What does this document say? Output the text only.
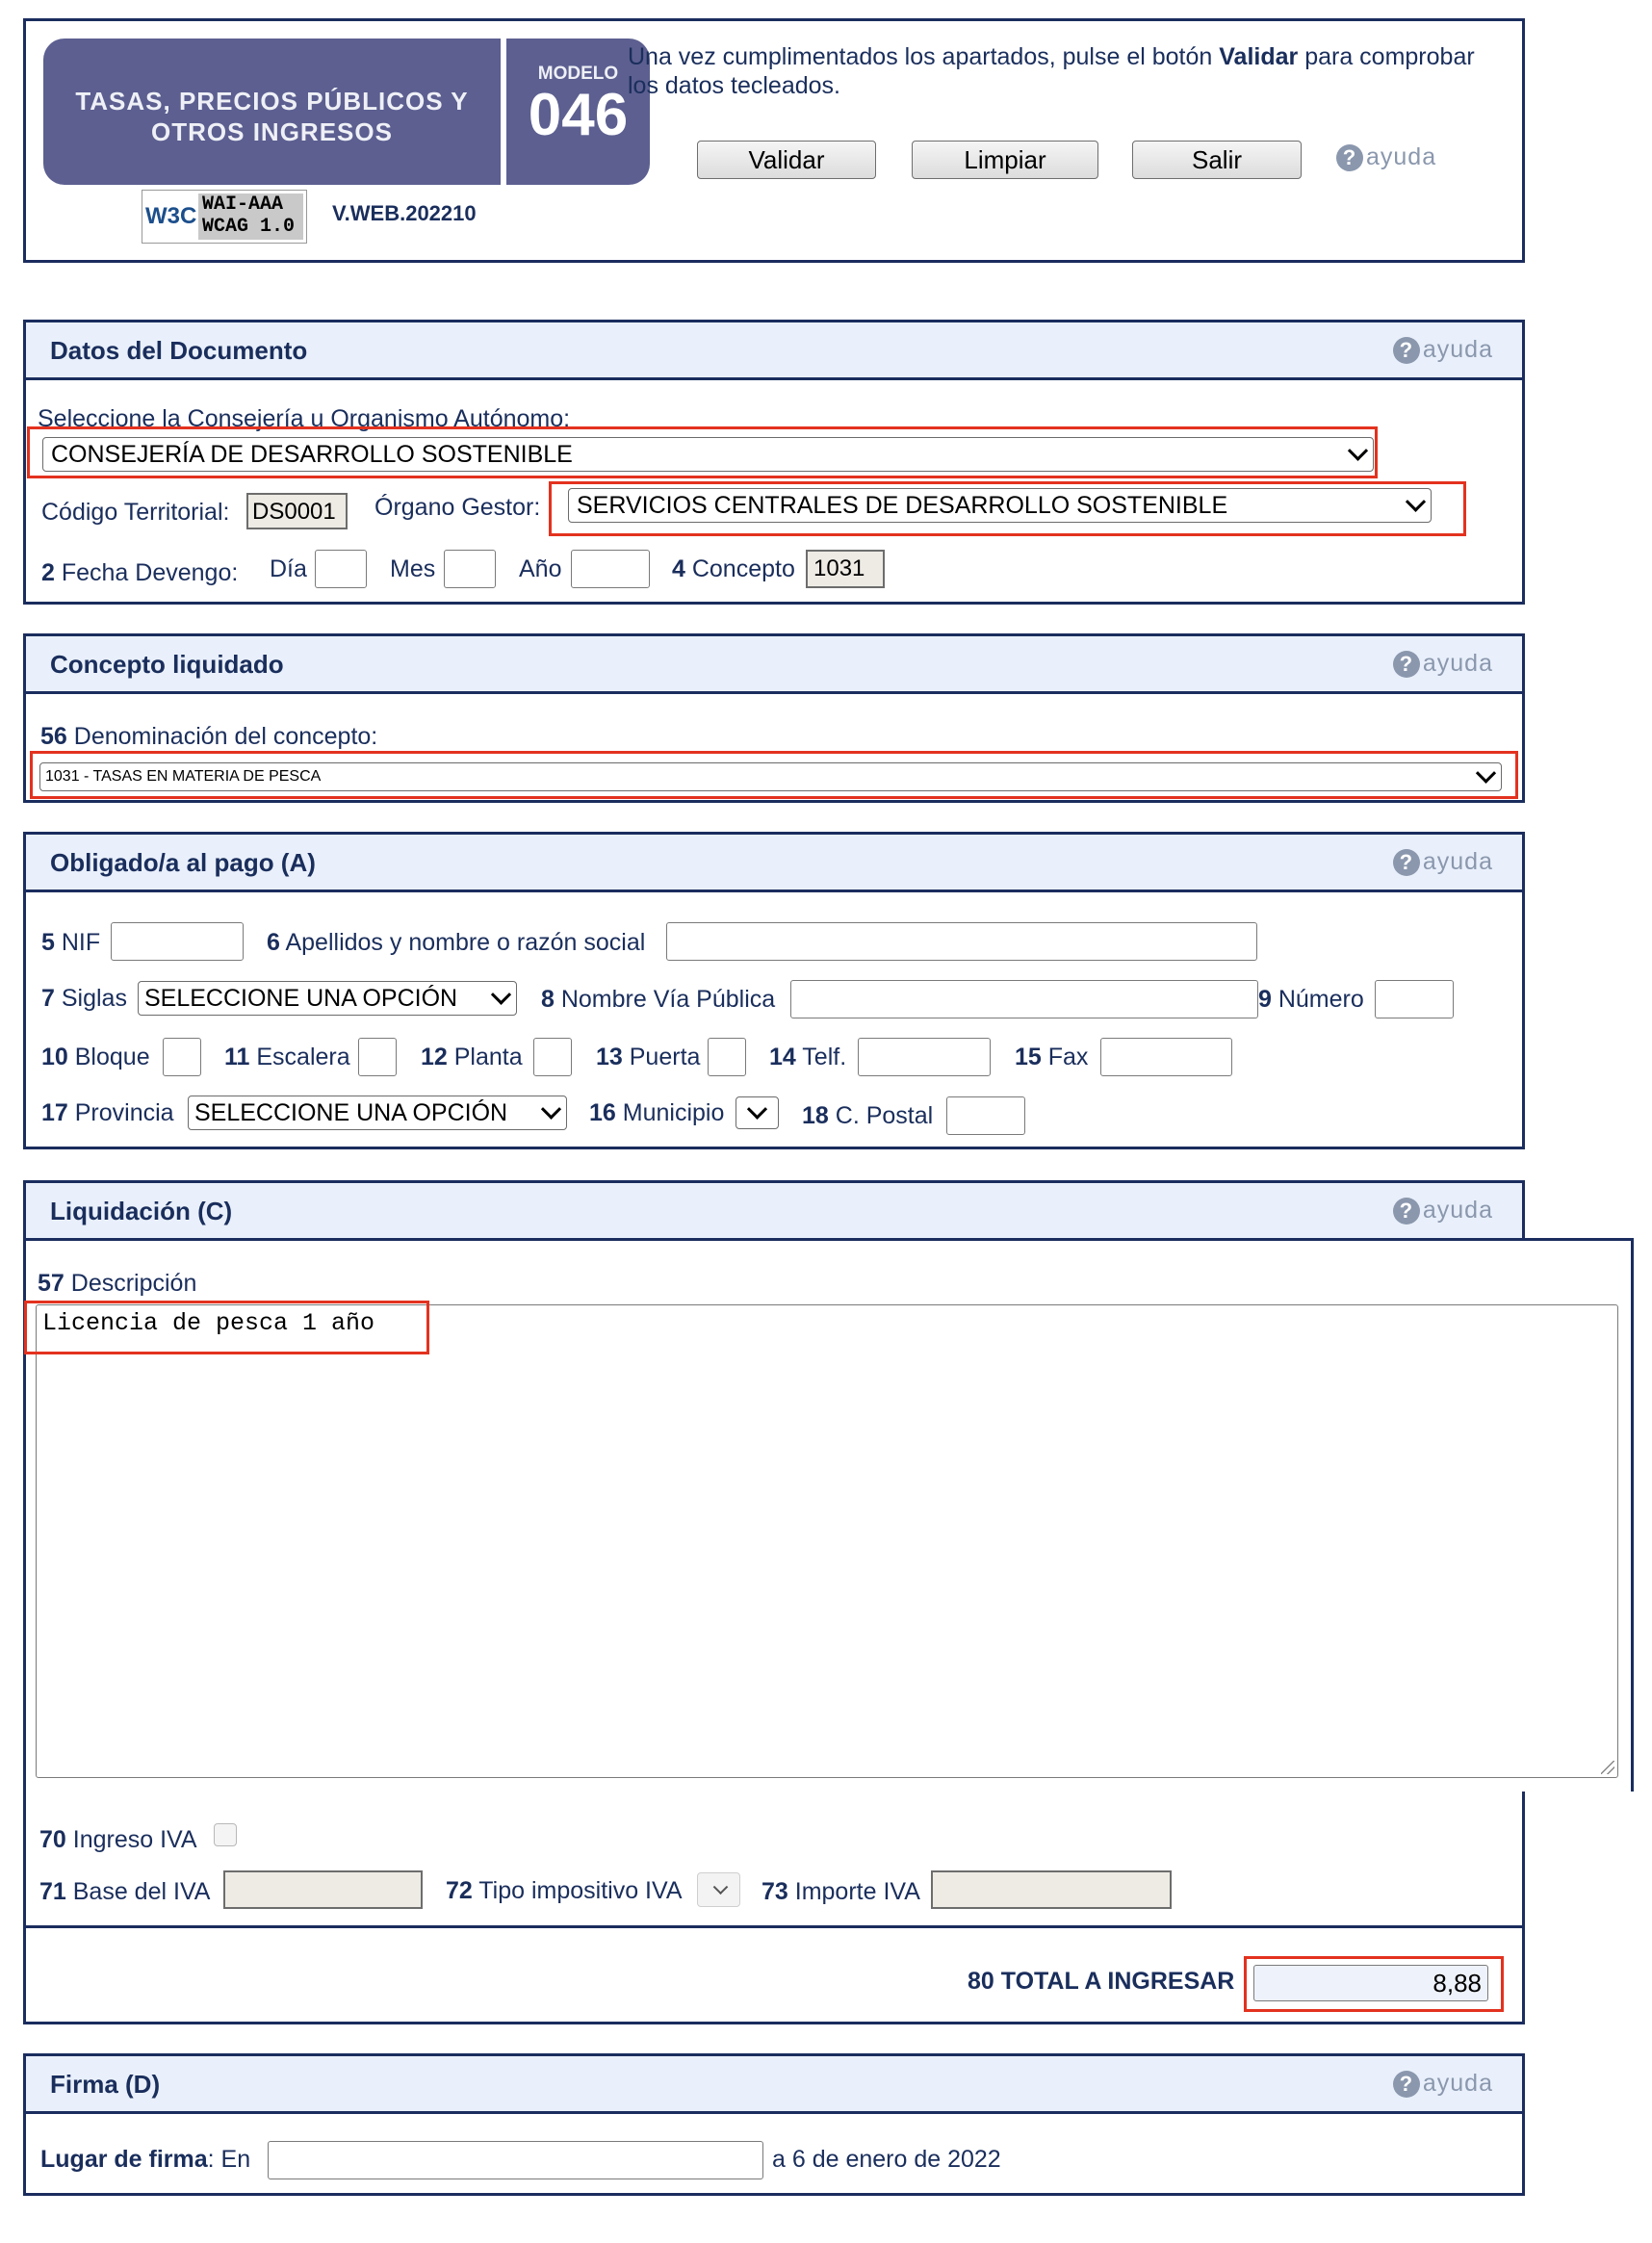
TASAS, PRECIOS PÚBLICOS Y
OTROS INGRESOS
MODELO
046
Una vez cumplimentados los apartados, pulse el botón Validar para comprobar
los datos tecleados.
Validar	Limpiar	Salir	? ayuda
W3C WAI-AAA
WCAG 1.0
V.WEB.202210
Datos del Documento	? ayuda
Seleccione la Consejería u Organismo Autónomo:
CONSEJERÍA DE DESARROLLO SOSTENIBLE
Código Territorial: DS0001	Órgano Gestor: SERVICIOS CENTRALES DE DESARROLLO SOSTENIBLE
2 Fecha Devengo: Día	Mes	Año	4 Concepto 1031
Concepto liquidado	? ayuda
56 Denominación del concepto:
1031 - TASAS EN MATERIA DE PESCA
Obligado/a al pago (A)	? ayuda
5 NIF	6 Apellidos y nombre o razón social
7 Siglas SELECCIONE UNA OPCIÓN	8 Nombre Vía Pública	9 Número
10 Bloque	11 Escalera	12 Planta	13 Puerta	14 Telf.	15 Fax
17 Provincia SELECCIONE UNA OPCIÓN	16 Municipio	18 C. Postal
Liquidación (C)	? ayuda
57 Descripción
Licencia de pesca 1 año
70 Ingreso IVA
71 Base del IVA	72 Tipo impositivo IVA	73 Importe IVA
80 TOTAL A INGRESAR	8,88
Firma (D)	? ayuda
Lugar de firma: En	a 6 de enero de 2022
